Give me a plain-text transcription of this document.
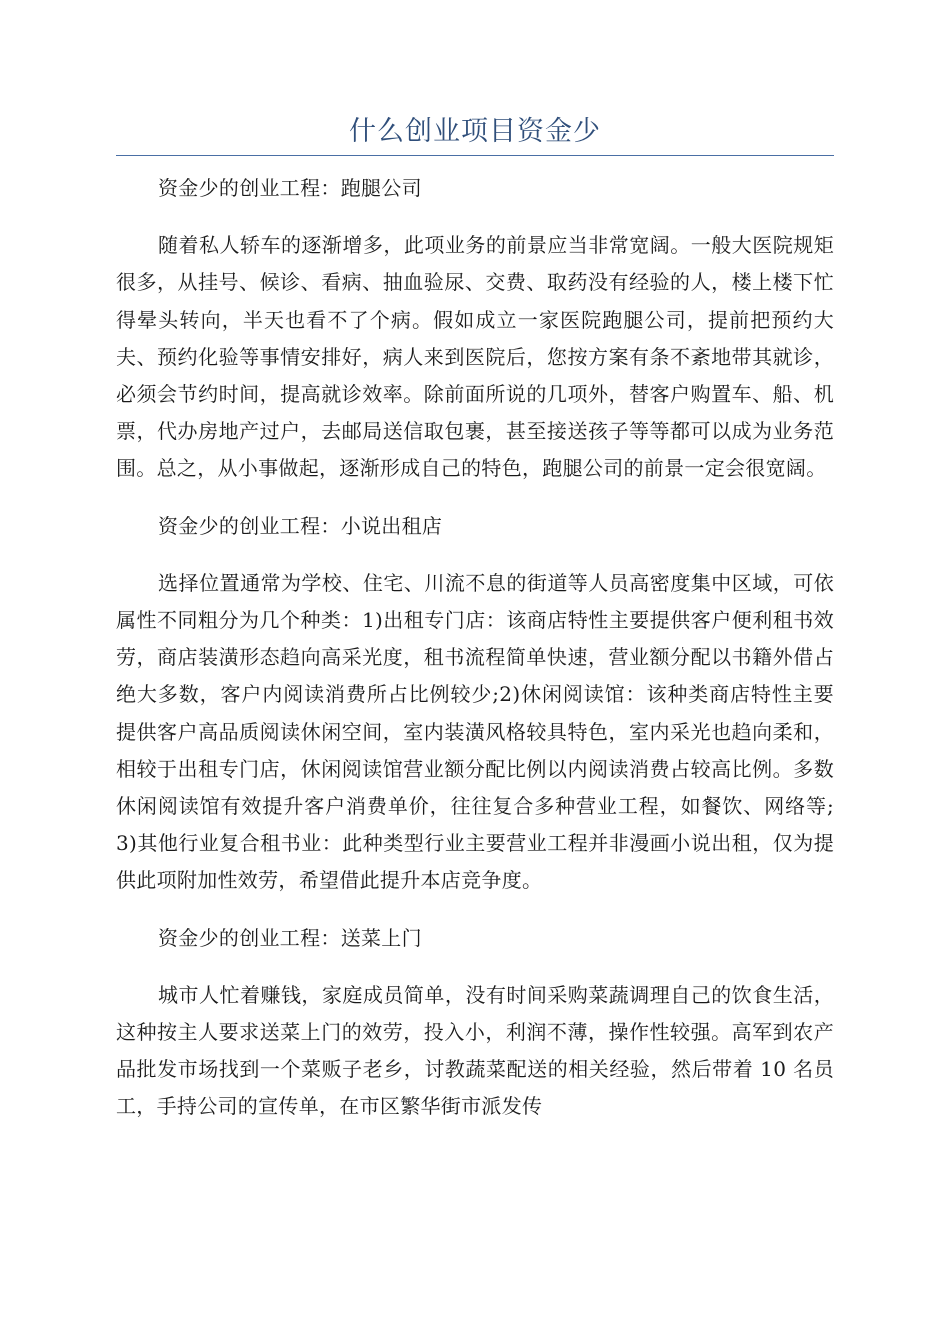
什么创业项目资金少

资金少的创业工程：跑腿公司

随着私人轿车的逐渐增多，此项业务的前景应当非常宽阔。一般大医院规矩很多，从挂号、候诊、看病、抽血验尿、交费、取药没有经验的人，楼上楼下忙得晕头转向，半天也看不了个病。假如成立一家医院跑腿公司，提前把预约大夫、预约化验等事情安排好，病人来到医院后，您按方案有条不紊地带其就诊，必须会节约时间，提高就诊效率。除前面所说的几项外，替客户购置车、船、机票，代办房地产过户，去邮局送信取包裹，甚至接送孩子等等都可以成为业务范围。总之，从小事做起，逐渐形成自己的特色，跑腿公司的前景一定会很宽阔。

资金少的创业工程：小说出租店

选择位置通常为学校、住宅、川流不息的街道等人员高密度集中区域，可依属性不同粗分为几个种类：1)出租专门店：该商店特性主要提供客户便利租书效劳，商店装潢形态趋向高采光度，租书流程简单快速，营业额分配以书籍外借占绝大多数，客户内阅读消费所占比例较少;2)休闲阅读馆：该种类商店特性主要提供客户高品质阅读休闲空间，室内装潢风格较具特色，室内采光也趋向柔和，相较于出租专门店，休闲阅读馆营业额分配比例以内阅读消费占较高比例。多数休闲阅读馆有效提升客户消费单价，往往复合多种营业工程，如餐饮、网络等;3)其他行业复合租书业：此种类型行业主要营业工程并非漫画小说出租，仅为提供此项附加性效劳，希望借此提升本店竞争度。

资金少的创业工程：送菜上门

城市人忙着赚钱，家庭成员简单，没有时间采购菜蔬调理自己的饮食生活，这种按主人要求送菜上门的效劳，投入小，利润不薄，操作性较强。高军到农产品批发市场找到一个菜贩子老乡，讨教蔬菜配送的相关经验，然后带着 10 名员工，手持公司的宣传单，在市区繁华街市派发传
